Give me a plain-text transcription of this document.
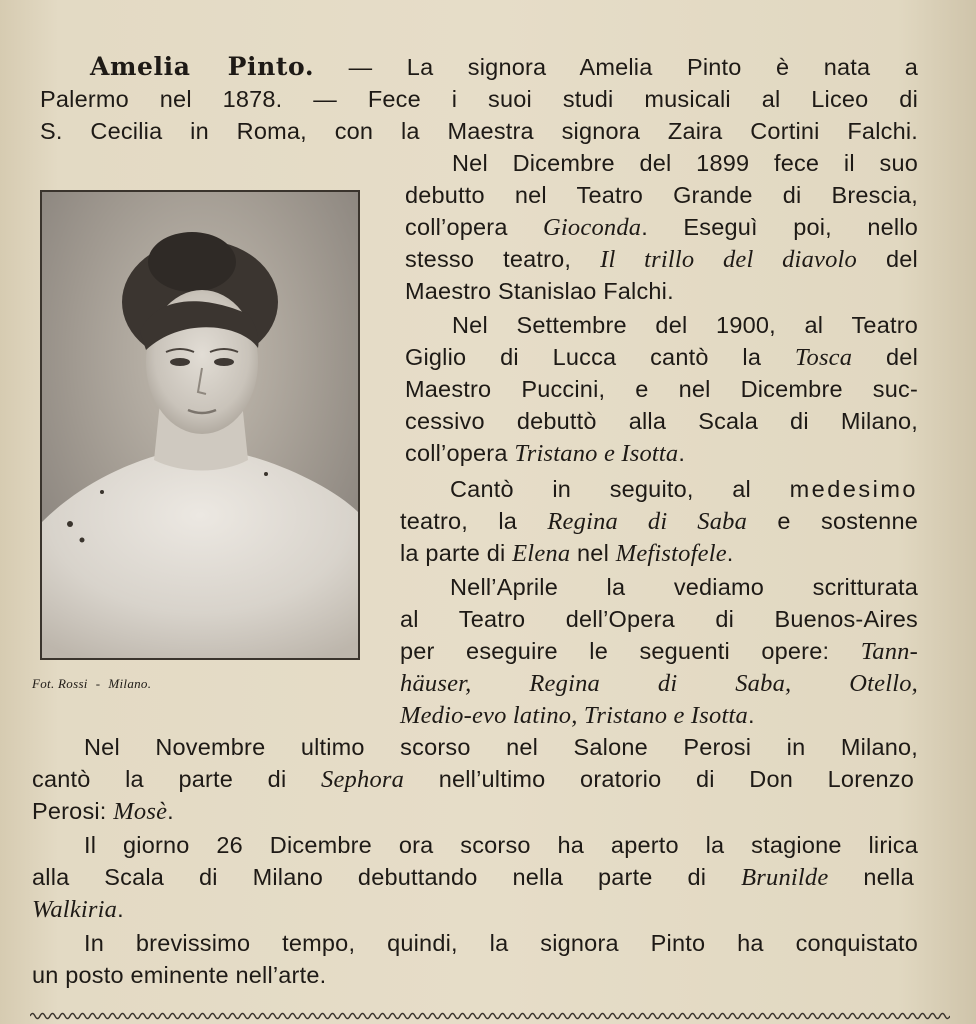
Fot. Rossi - Milano.
Amelia Pinto. — La signora Amelia Pinto è nata a
Palermo nel 1878. — Fece i suoi studi musicali al Liceo di
S. Cecilia in Roma, con la Maestra signora Zaira Cortini Falchi.
Nel Dicembre del 1899 fece il suo
debutto nel Teatro Grande di Brescia,
coll’opera Gioconda. Eseguì poi, nello
stesso teatro, Il trillo del diavolo del
Maestro Stanislao Falchi.
Nel Settembre del 1900, al Teatro
Giglio di Lucca cantò la Tosca del
Maestro Puccini, e nel Dicembre suc-
cessivo debuttò alla Scala di Milano,
coll’opera Tristano e Isotta.
Cantò in seguito, al medesimo
teatro, la Regina di Saba e sostenne
la parte di Elena nel Mefistofele.
Nell’Aprile la vediamo scritturata
al Teatro dell’Opera di Buenos-Aires
per eseguire le seguenti opere: Tann-
häuser, Regina di Saba, Otello,
Medio-evo latino, Tristano e Isotta.
Nel Novembre ultimo scorso nel Salone Perosi in Milano,
cantò la parte di Sephora nell’ultimo oratorio di Don Lorenzo
Perosi: Mosè.
Il giorno 26 Dicembre ora scorso ha aperto la stagione lirica
alla Scala di Milano debuttando nella parte di Brunilde nella
Walkiria.
In brevissimo tempo, quindi, la signora Pinto ha conquistato
un posto eminente nell’arte.
